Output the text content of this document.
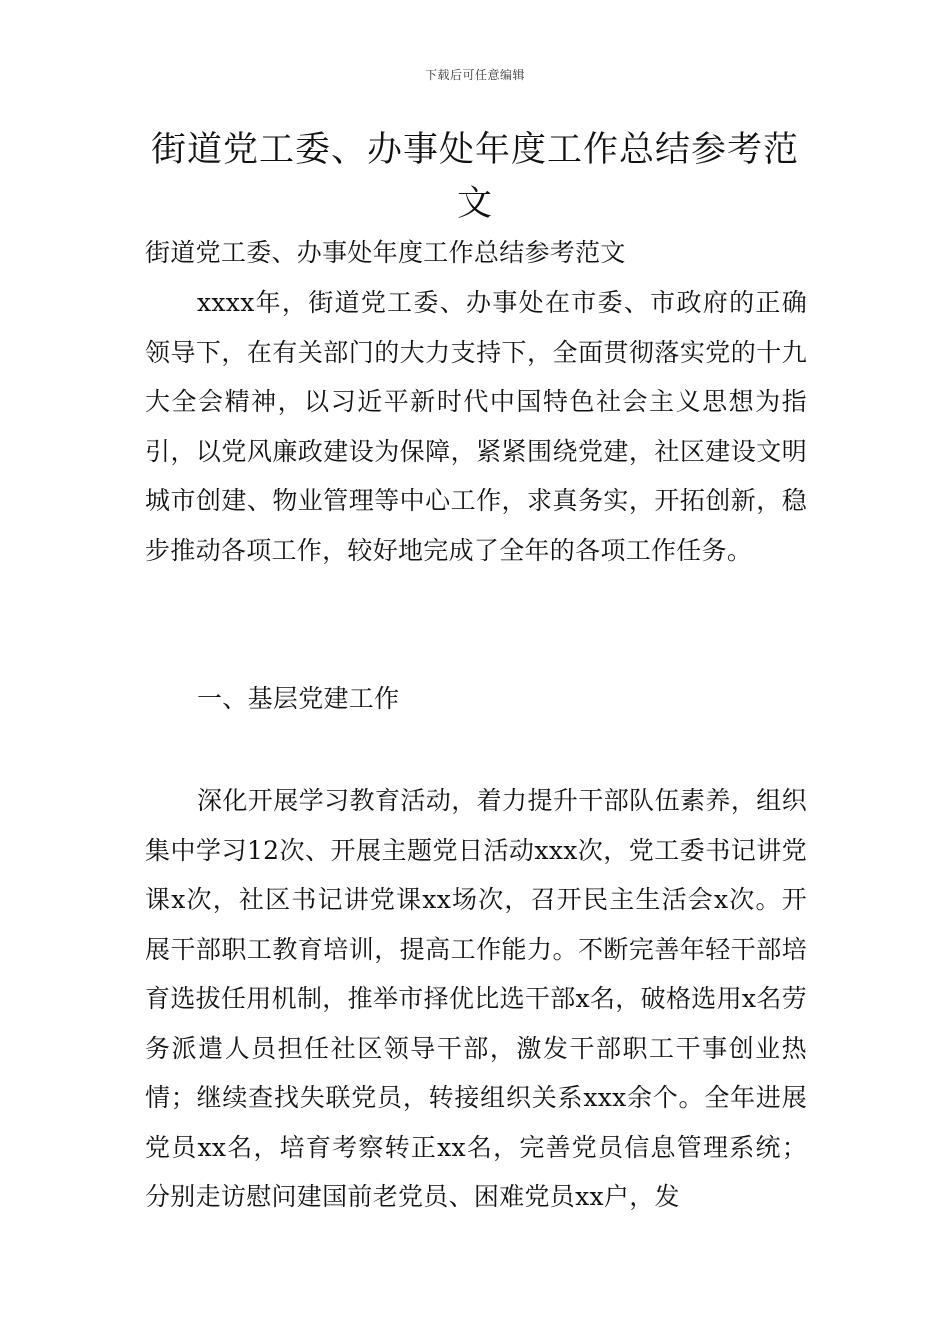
下载后可任意编辑
街道党工委、办事处年度工作总结参考范文

街道党工委、办事处年度工作总结参考范文

xxxx年，街道党工委、办事处在市委、市政府的正确领导下，在有关部门的大力支持下，全面贯彻落实党的十九大全会精神，以习近平新时代中国特色社会主义思想为指引，以党风廉政建设为保障，紧紧围绕党建，社区建设文明城市创建、物业管理等中心工作，求真务实，开拓创新，稳步推动各项工作，较好地完成了全年的各项工作任务。

一、基层党建工作

深化开展学习教育活动，着力提升干部队伍素养，组织集中学习12次、开展主题党日活动xxx次，党工委书记讲党课x次，社区书记讲党课xx场次，召开民主生活会x次。开展干部职工教育培训，提高工作能力。不断完善年轻干部培育选拔任用机制，推举市择优比选干部x名，破格选用x名劳务派遣人员担任社区领导干部，激发干部职工干事创业热情；继续查找失联党员，转接组织关系xxx余个。全年进展党员xx名，培育考察转正xx名，完善党员信息管理系统；分别走访慰问建国前老党员、困难党员xx户，发
